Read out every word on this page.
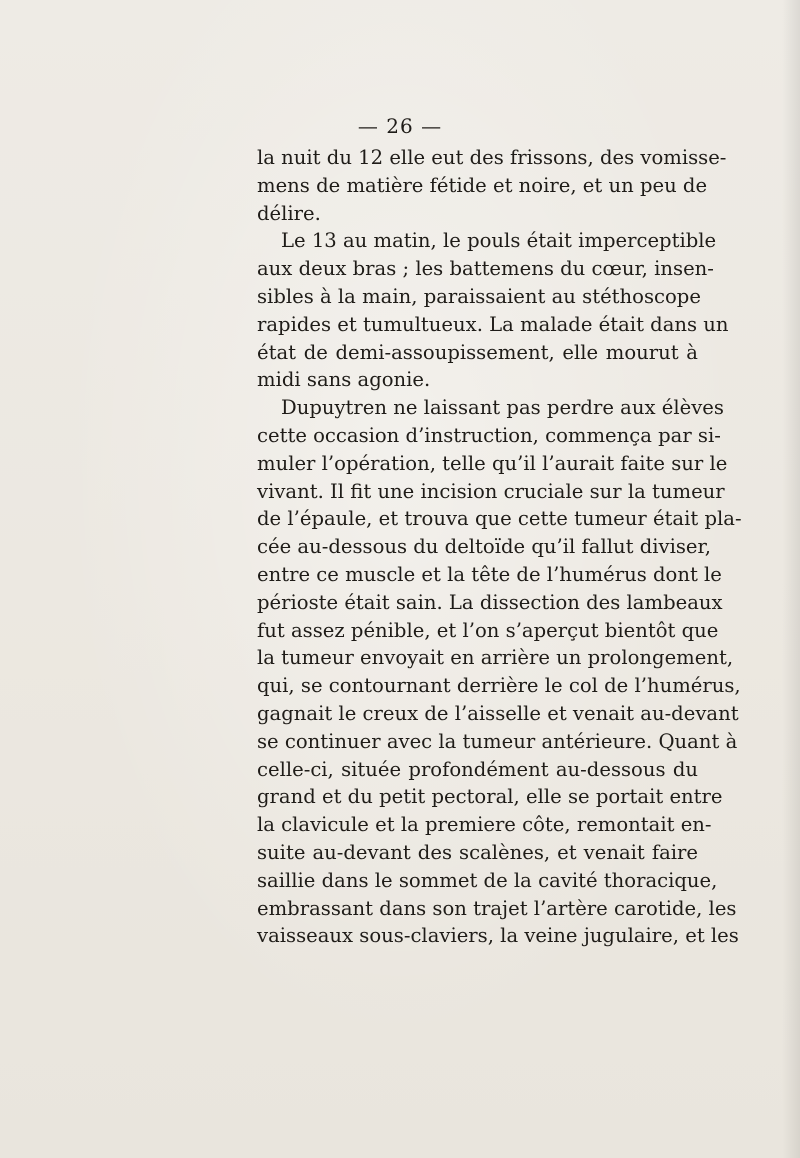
— 26 —
la nuit du 12 elle eut des frissons, des vomisse-
mens de matière fétide et noire, et un peu de
délire.
Le 13 au matin, le pouls était imperceptible
aux deux bras ; les battemens du cœur, insen-
sibles à la main, paraissaient au stéthoscope
rapides et tumultueux. La malade était dans un
état de demi-assoupissement, elle mourut à
midi sans agonie.
Dupuytren ne laissant pas perdre aux élèves
cette occasion d’instruction, commença par si-
muler l’opération, telle qu’il l’aurait faite sur le
vivant. Il fit une incision cruciale sur la tumeur
de l’épaule, et trouva que cette tumeur était pla-
cée au-dessous du deltoïde qu’il fallut diviser,
entre ce muscle et la tête de l’humérus dont le
périoste était sain. La dissection des lambeaux
fut assez pénible, et l’on s’aperçut bientôt que
la tumeur envoyait en arrière un prolongement,
qui, se contournant derrière le col de l’humérus,
gagnait le creux de l’aisselle et venait au-devant
se continuer avec la tumeur antérieure. Quant à
celle-ci, située profondément au-dessous du
grand et du petit pectoral, elle se portait entre
la clavicule et la premiere côte, remontait en-
suite au-devant des scalènes, et venait faire
saillie dans le sommet de la cavité thoracique,
embrassant dans son trajet l’artère carotide, les
vaisseaux sous-claviers, la veine jugulaire, et les
